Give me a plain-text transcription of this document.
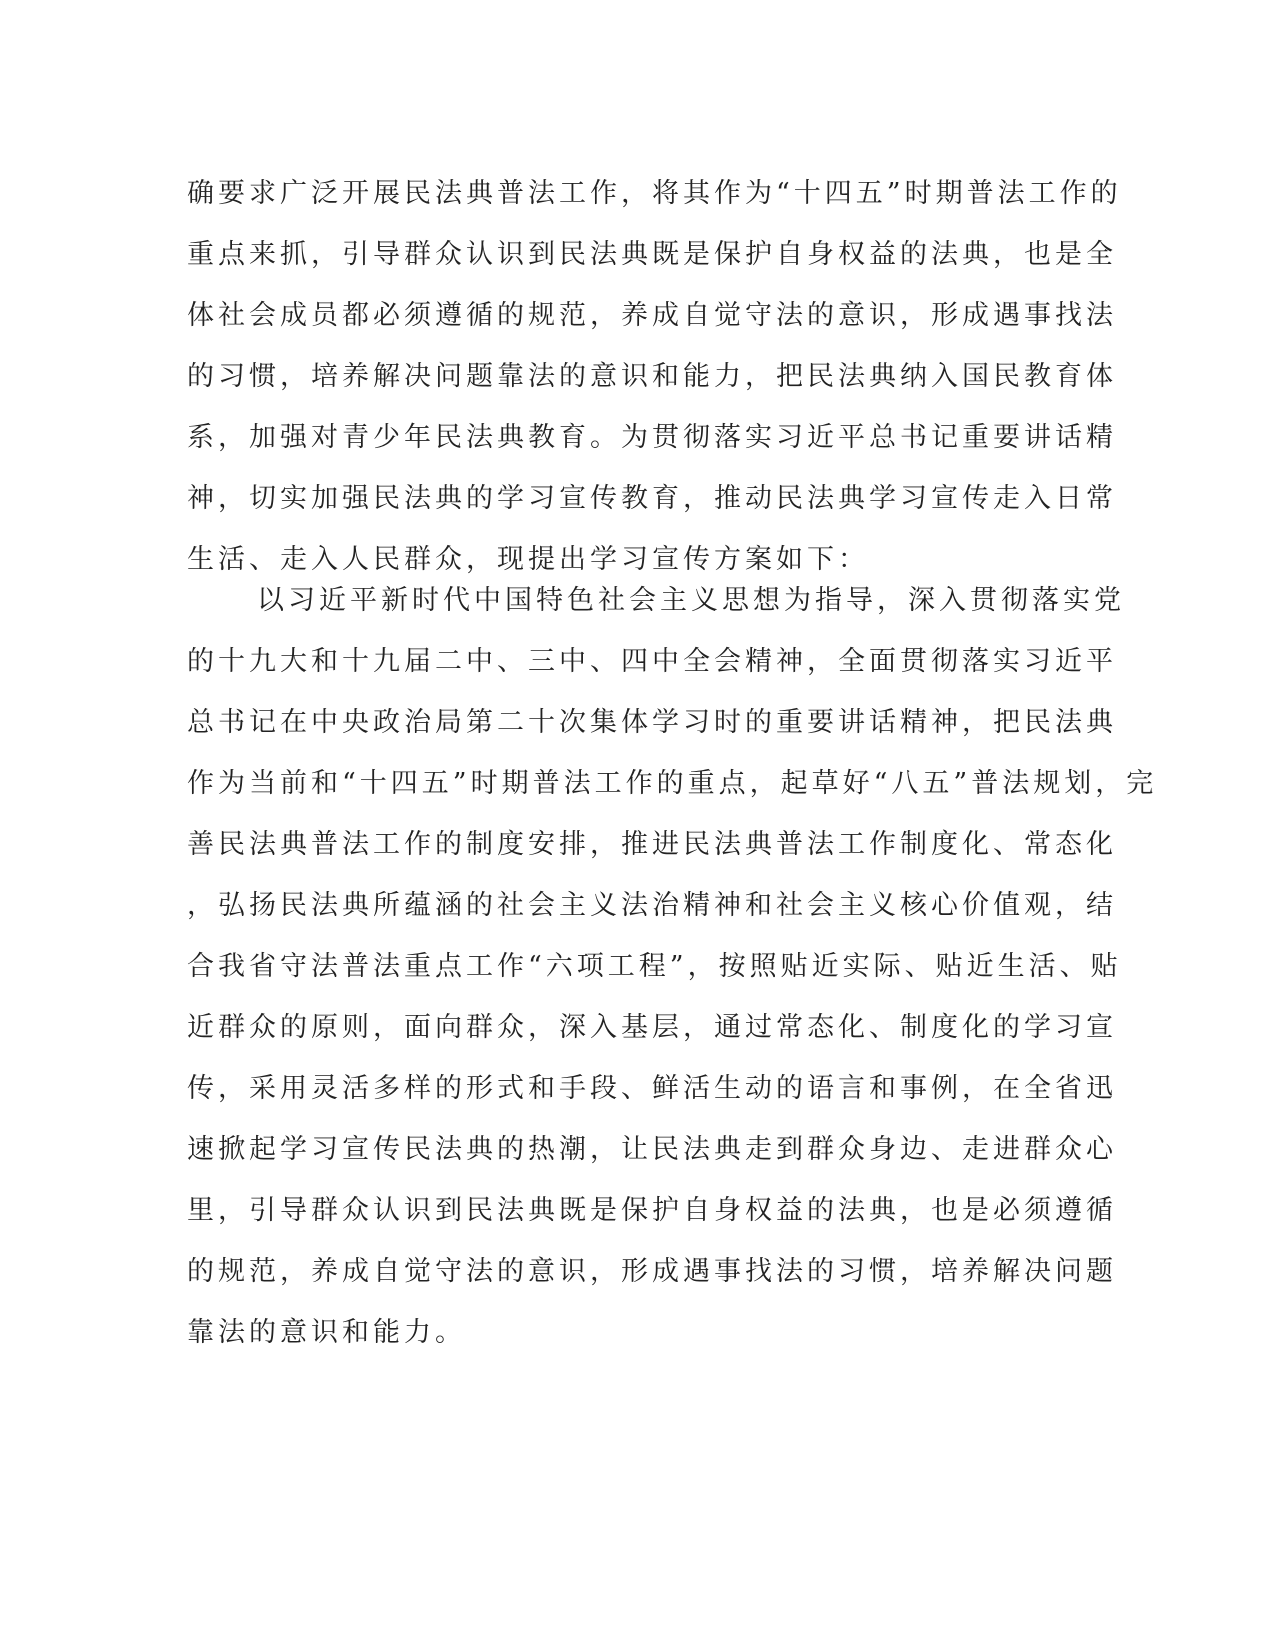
确要求广泛开展民法典普法工作，将其作为“十四五”时期普法工作的
重点来抓，引导群众认识到民法典既是保护自身权益的法典，也是全
体社会成员都必须遵循的规范，养成自觉守法的意识，形成遇事找法
的习惯，培养解决问题靠法的意识和能力，把民法典纳入国民教育体
系，加强对青少年民法典教育。为贯彻落实习近平总书记重要讲话精
神，切实加强民法典的学习宣传教育，推动民法典学习宣传走入日常
生活、走入人民群众，现提出学习宣传方案如下：
以习近平新时代中国特色社会主义思想为指导，深入贯彻落实党
的十九大和十九届二中、三中、四中全会精神，全面贯彻落实习近平
总书记在中央政治局第二十次集体学习时的重要讲话精神，把民法典
作为当前和“十四五”时期普法工作的重点，起草好“八五”普法规划，完
善民法典普法工作的制度安排，推进民法典普法工作制度化、常态化
，弘扬民法典所蕴涵的社会主义法治精神和社会主义核心价值观，结
合我省守法普法重点工作“六项工程”，按照贴近实际、贴近生活、贴
近群众的原则，面向群众，深入基层，通过常态化、制度化的学习宣
传，采用灵活多样的形式和手段、鲜活生动的语言和事例，在全省迅
速掀起学习宣传民法典的热潮，让民法典走到群众身边、走进群众心
里，引导群众认识到民法典既是保护自身权益的法典，也是必须遵循
的规范，养成自觉守法的意识，形成遇事找法的习惯，培养解决问题
靠法的意识和能力。
